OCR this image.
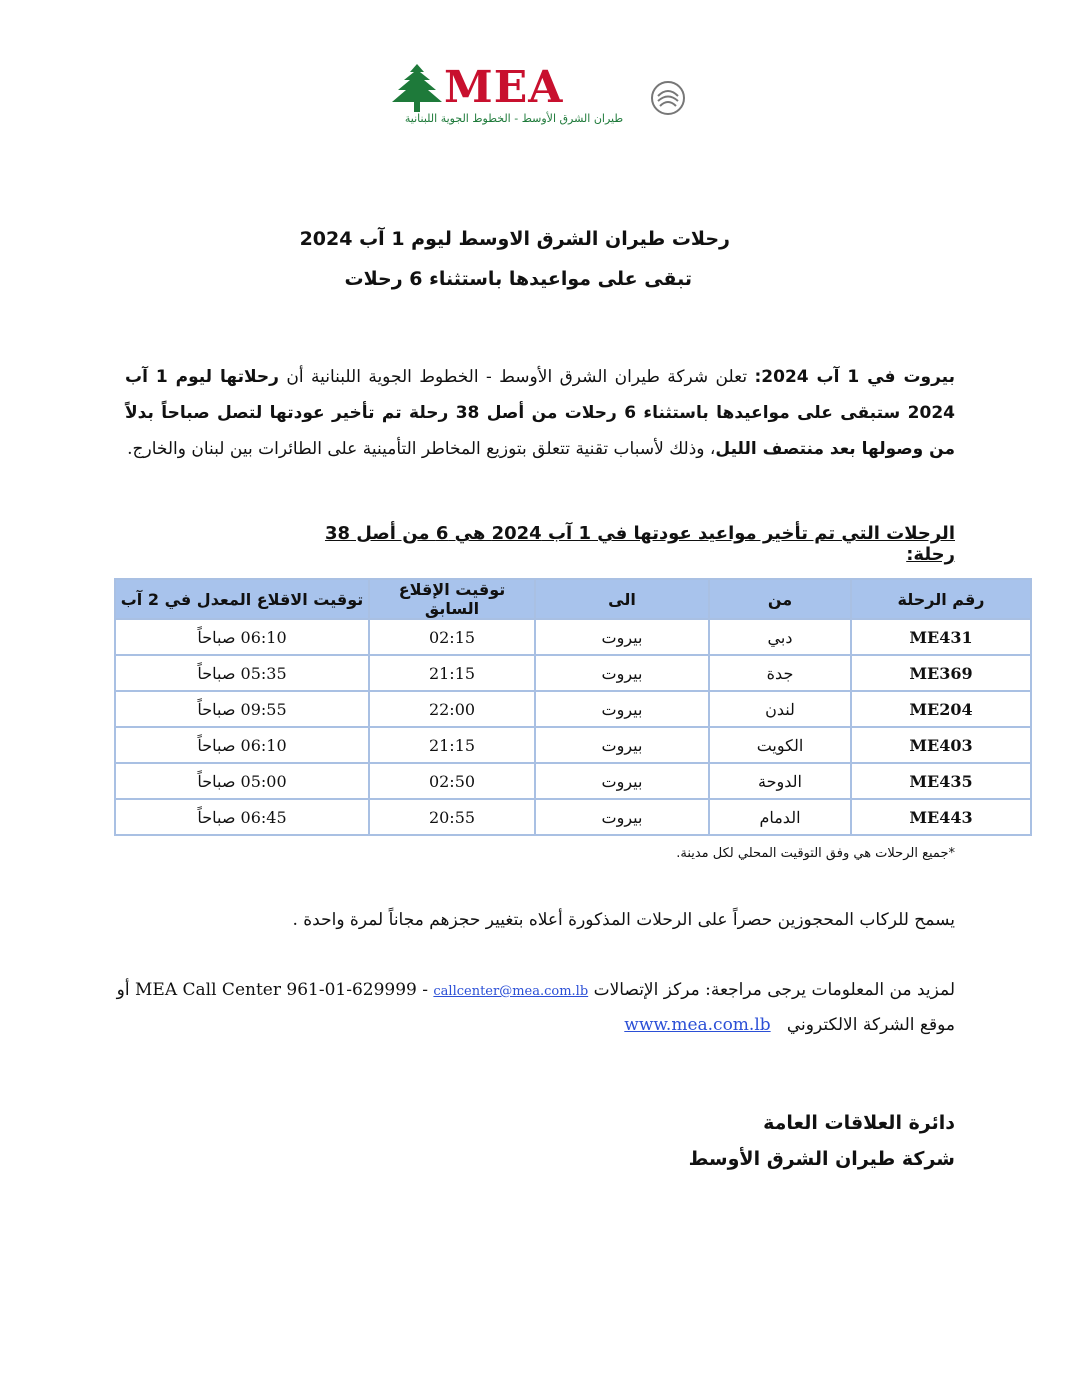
MEA
طيران الشرق الأوسط - الخطوط الجوية اللبنانية
رحلات طيران الشرق الاوسط ليوم 1 آب 2024
تبقى على مواعيدها باستثناء 6 رحلات
بيروت في 1 آب 2024: تعلن شركة طيران الشرق الأوسط - الخطوط الجوية اللبنانية أن رحلاتها ليوم 1 آب 2024 ستبقى على مواعيدها باستثناء 6 رحلات من أصل 38 رحلة تم تأخير عودتها لتصل صباحاً بدلاً من وصولها بعد منتصف الليل، وذلك لأسباب تقنية تتعلق بتوزيع المخاطر التأمينية على الطائرات بين لبنان والخارج.
الرحلات التي تم تأخير مواعيد عودتها في 1 آب 2024 هي 6 من أصل 38 رحلة:
رقم الرحلة	من	الى	توقيت الإقلاع السابق	توقيت الاقلاع المعدل في 2 آب
ME431	دبي	بيروت	02:15	06:10 صباحاً
ME369	جدة	بيروت	21:15	05:35 صباحاً
ME204	لندن	بيروت	22:00	09:55 صباحاً
ME403	الكويت	بيروت	21:15	06:10 صباحاً
ME435	الدوحة	بيروت	02:50	05:00 صباحاً
ME443	الدمام	بيروت	20:55	06:45 صباحاً
*جميع الرحلات هي وفق التوقيت المحلي لكل مدينة.
يسمح للركاب المحجوزين حصراً على الرحلات المذكورة أعلاه بتغيير حجزهم مجاناً لمرة واحدة .
لمزيد من المعلومات يرجى مراجعة: مركز الإتصالات MEA Call Center 961-01-629999 - callcenter@mea.com.lb أو
موقع الشركة الالكتروني   www.mea.com.lb
دائرة العلاقات العامة
شركة طيران الشرق الأوسط
